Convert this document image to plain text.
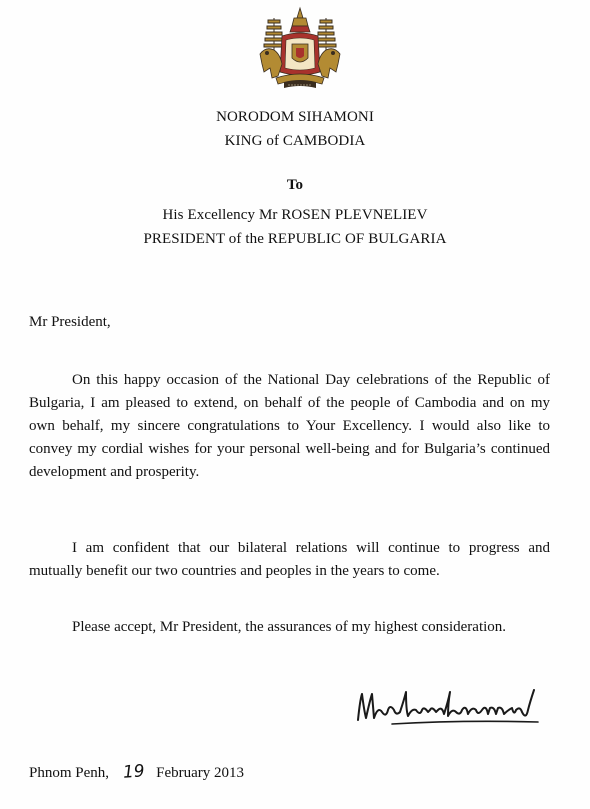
NORODOM SIHAMONI
KING of CAMBODIA
To
His Excellency Mr ROSEN PLEVNELIEV
PRESIDENT of the REPUBLIC OF BULGARIA
Mr President,
On this happy occasion of the National Day celebrations of the Republic of
Bulgaria, I am pleased to extend, on behalf of the people of Cambodia and on my
own behalf, my sincere congratulations to Your Excellency. I would also like to
convey my cordial wishes for your personal well-being and for Bulgaria’s continued
development and prosperity.
I am confident that our bilateral relations will continue to progress and
mutually benefit our two countries and peoples in the years to come.
Please accept, Mr President, the assurances of my highest consideration.
Phnom Penh, 19 February 2013
